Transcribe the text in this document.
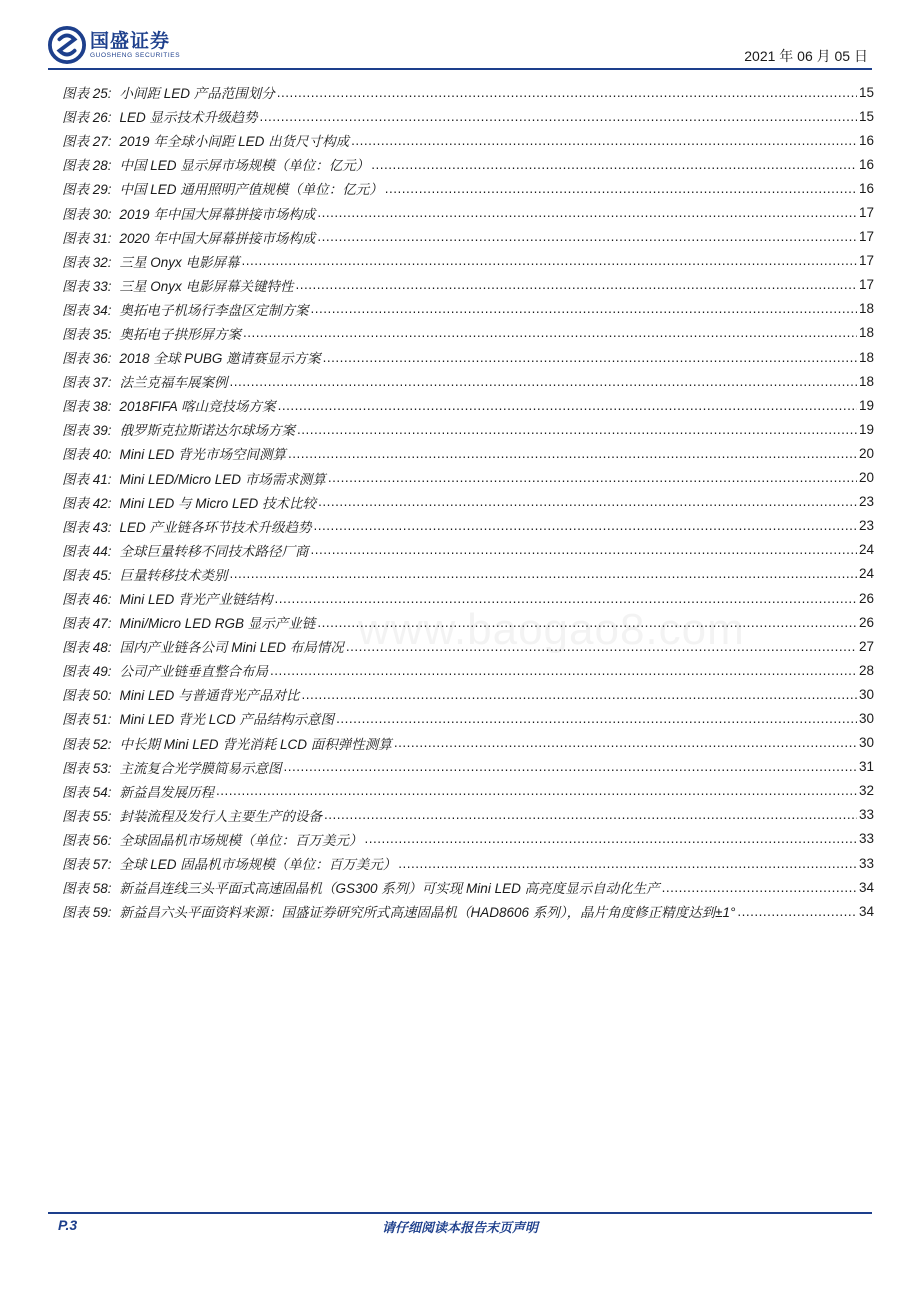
国盛证券
GUOSHENG SECURITIES	2021 年 06 月 05 日
www.baogao8.com
图表 25: 小间距 LED 产品范围划分 .....	15
图表 26: LED 显示技术升级趋势 .....	15
图表 27: 2019 年全球小间距 LED 出货尺寸构成 .....	16
图表 28: 中国 LED 显示屏市场规模（单位：亿元） .....	16
图表 29: 中国 LED 通用照明产值规模（单位：亿元） .....	16
图表 30: 2019 年中国大屏幕拼接市场构成 .....	17
图表 31: 2020 年中国大屏幕拼接市场构成 .....	17
图表 32: 三星 Onyx 电影屏幕 .....	17
图表 33: 三星 Onyx 电影屏幕关键特性 .....	17
图表 34: 奥拓电子机场行李盘区定制方案 .....	18
图表 35: 奥拓电子拱形屏方案 .....	18
图表 36: 2018 全球 PUBG 邀请赛显示方案 .....	18
图表 37: 法兰克福车展案例 .....	18
图表 38: 2018FIFA 喀山竞技场方案 .....	19
图表 39: 俄罗斯克拉斯诺达尔球场方案 .....	19
图表 40: Mini LED 背光市场空间测算 .....	20
图表 41: Mini LED/Micro LED 市场需求测算 .....	20
图表 42: Mini LED 与 Micro LED 技术比较 .....	23
图表 43: LED 产业链各环节技术升级趋势 .....	23
图表 44: 全球巨量转移不同技术路径厂商 .....	24
图表 45: 巨量转移技术类别 .....	24
图表 46: Mini LED 背光产业链结构 .....	26
图表 47: Mini/Micro LED RGB 显示产业链 .....	26
图表 48: 国内产业链各公司 Mini LED 布局情况 .....	27
图表 49: 公司产业链垂直整合布局 .....	28
图表 50: Mini LED 与普通背光产品对比 .....	30
图表 51: Mini LED 背光 LCD 产品结构示意图 .....	30
图表 52: 中长期 Mini LED 背光消耗 LCD 面积弹性测算 .....	30
图表 53: 主流复合光学膜简易示意图 .....	31
图表 54: 新益昌发展历程 .....	32
图表 55: 封装流程及发行人主要生产的设备 .....	33
图表 56: 全球固晶机市场规模（单位：百万美元） .....	33
图表 57: 全球 LED 固晶机市场规模（单位：百万美元） .....	33
图表 58: 新益昌连线三头平面式高速固晶机（GS300 系列）可实现 Mini LED 高亮度显示自动化生产 .....	34
图表 59: 新益昌六头平面资料来源：国盛证券研究所式高速固晶机（HAD8606 系列），晶片角度修正精度达到±1° .....	34
P.3	请仔细阅读本报告末页声明
